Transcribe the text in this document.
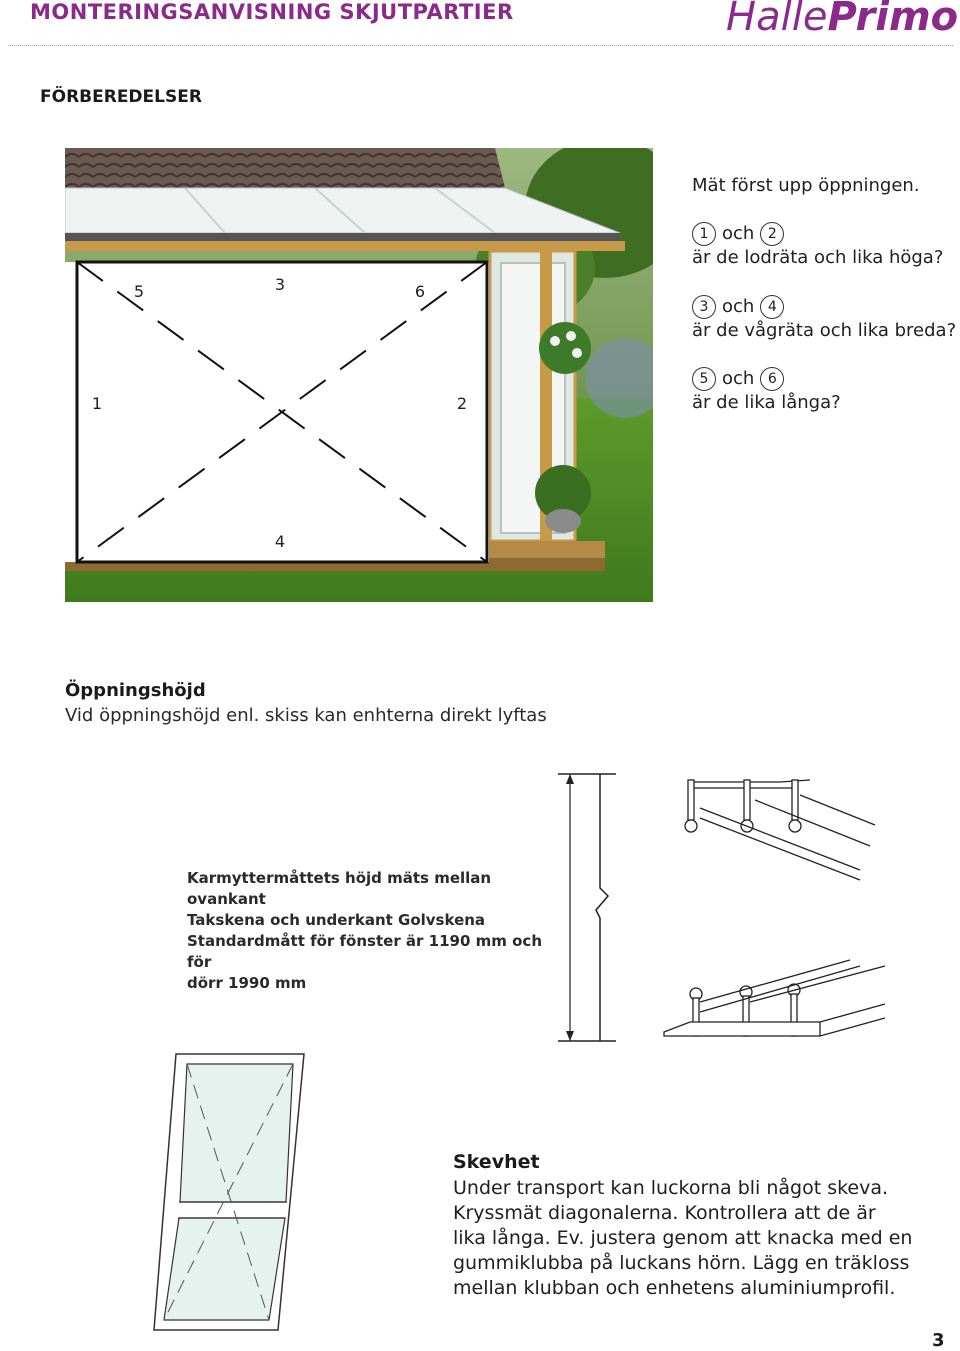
MONTERINGSANVISNING SKJUTPARTIER	HallePrimo
FÖRBEREDELSER
5	3	6
1	2
4
Mät först upp öppningen.
1 och 2
är de lodräta och lika höga?
3 och 4
är de vågräta och lika breda?
5 och 6
är de lika långa?
Öppningshöjd
Vid öppningshöjd enl. skiss kan enhterna direkt lyftas
Karmyttermåttets höjd mäts mellan ovankant
Takskena och underkant Golvskena
Standardmått för fönster är 1190 mm och för
dörr 1990 mm
Skevhet
Under transport kan luckorna bli något skeva.
Kryssmät diagonalerna. Kontrollera att de är
lika långa. Ev. justera genom att knacka med en
gummiklubba på luckans hörn. Lägg en träkloss
mellan klubban och enhetens aluminiumprofil.
3
